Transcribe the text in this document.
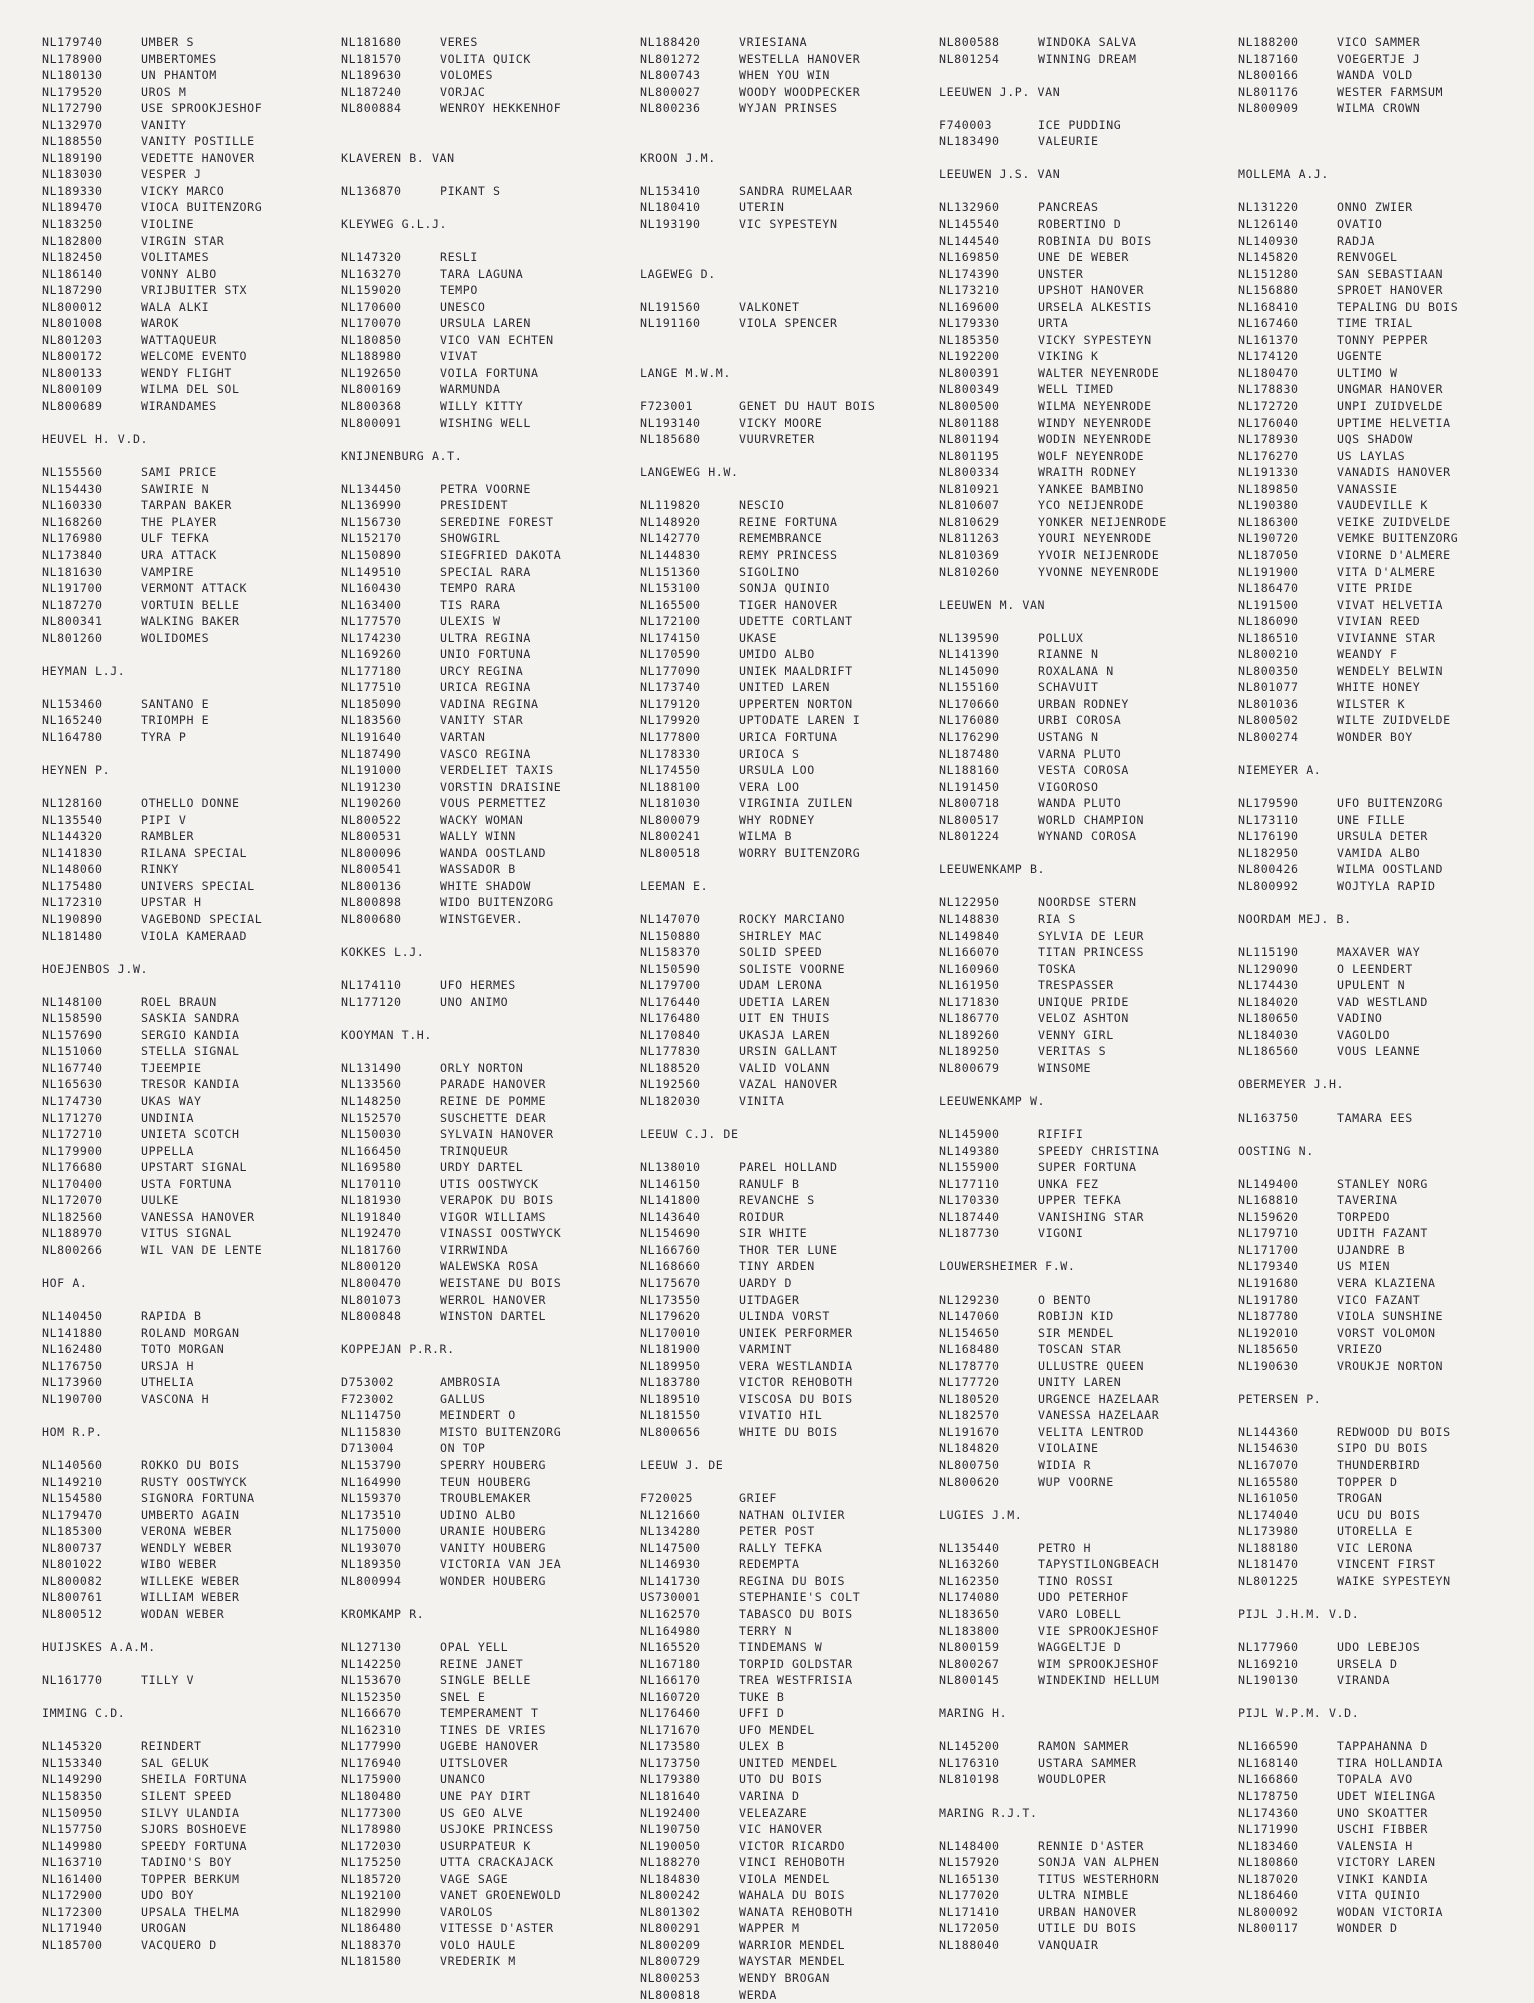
NL179740	UMBER S
NL178900	UMBERTOMES
NL180130	UN PHANTOM
NL179520	UROS M
NL172790	USE SPROOKJESHOF
NL132970	VANITY
NL188550	VANITY POSTILLE
NL189190	VEDETTE HANOVER
NL183030	VESPER J
NL189330	VICKY MARCO
NL189470	VIOCA BUITENZORG
NL183250	VIOLINE
NL182800	VIRGIN STAR
NL182450	VOLITAMES
NL186140	VONNY ALBO
NL187290	VRIJBUITER STX
NL800012	WALA ALKI
NL801008	WAROK
NL801203	WATTAQUEUR
NL800172	WELCOME EVENTO
NL800133	WENDY FLIGHT
NL800109	WILMA DEL SOL
NL800689	WIRANDAMES
HEUVEL H. V.D.
NL155560	SAMI PRICE
NL154430	SAWIRIE N
NL160330	TARPAN BAKER
NL168260	THE PLAYER
NL176980	ULF TEFKA
NL173840	URA ATTACK
NL181630	VAMPIRE
NL191700	VERMONT ATTACK
NL187270	VORTUIN BELLE
NL800341	WALKING BAKER
NL801260	WOLIDOMES
HEYMAN L.J.
NL153460	SANTANO E
NL165240	TRIOMPH E
NL164780	TYRA P
HEYNEN P.
NL128160	OTHELLO DONNE
NL135540	PIPI V
NL144320	RAMBLER
NL141830	RILANA SPECIAL
NL148060	RINKY
NL175480	UNIVERS SPECIAL
NL172310	UPSTAR H
NL190890	VAGEBOND SPECIAL
NL181480	VIOLA KAMERAAD
HOEJENBOS J.W.
NL148100	ROEL BRAUN
NL158590	SASKIA SANDRA
NL157690	SERGIO KANDIA
NL151060	STELLA SIGNAL
NL167740	TJEEMPIE
NL165630	TRESOR KANDIA
NL174730	UKAS WAY
NL171270	UNDINIA
NL172710	UNIETA SCOTCH
NL179900	UPPELLA
NL176680	UPSTART SIGNAL
NL170400	USTA FORTUNA
NL172070	UULKE
NL182560	VANESSA HANOVER
NL188970	VITUS SIGNAL
NL800266	WIL VAN DE LENTE
HOF A.
NL140450	RAPIDA B
NL141880	ROLAND MORGAN
NL162480	TOTO MORGAN
NL176750	URSJA H
NL173960	UTHELIA
NL190700	VASCONA H
HOM R.P.
NL140560	ROKKO DU BOIS
NL149210	RUSTY OOSTWYCK
NL154580	SIGNORA FORTUNA
NL179470	UMBERTO AGAIN
NL185300	VERONA WEBER
NL800737	WENDLY WEBER
NL801022	WIBO WEBER
NL800082	WILLEKE WEBER
NL800761	WILLIAM WEBER
NL800512	WODAN WEBER
HUIJSKES A.A.M.
NL161770	TILLY V
IMMING C.D.
NL145320	REINDERT
NL153340	SAL GELUK
NL149290	SHEILA FORTUNA
NL158350	SILENT SPEED
NL150950	SILVY ULANDIA
NL157750	SJORS BOSHOEVE
NL149980	SPEEDY FORTUNA
NL163710	TADINO'S BOY
NL161400	TOPPER BERKUM
NL172900	UDO BOY
NL172300	UPSALA THELMA
NL171940	UROGAN
NL185700	VACQUERO D
NL181680	VERES
NL181570	VOLITA QUICK
NL189630	VOLOMES
NL187240	VORJAC
NL800884	WENROY HEKKENHOF
KLAVEREN B. VAN
NL136870	PIKANT S
KLEYWEG G.L.J.
NL147320	RESLI
NL163270	TARA LAGUNA
NL159020	TEMPO
NL170600	UNESCO
NL170070	URSULA LAREN
NL180850	VICO VAN ECHTEN
NL188980	VIVAT
NL192650	VOILA FORTUNA
NL800169	WARMUNDA
NL800368	WILLY KITTY
NL800091	WISHING WELL
KNIJNENBURG A.T.
NL134450	PETRA VOORNE
NL136990	PRESIDENT
NL156730	SEREDINE FOREST
NL152170	SHOWGIRL
NL150890	SIEGFRIED DAKOTA
NL149510	SPECIAL RARA
NL160430	TEMPO RARA
NL163400	TIS RARA
NL177570	ULEXIS W
NL174230	ULTRA REGINA
NL169260	UNIO FORTUNA
NL177180	URCY REGINA
NL177510	URICA REGINA
NL185090	VADINA REGINA
NL183560	VANITY STAR
NL191640	VARTAN
NL187490	VASCO REGINA
NL191000	VERDELIET TAXIS
NL191230	VORSTIN DRAISINE
NL190260	VOUS PERMETTEZ
NL800522	WACKY WOMAN
NL800531	WALLY WINN
NL800096	WANDA OOSTLAND
NL800541	WASSADOR B
NL800136	WHITE SHADOW
NL800898	WIDO BUITENZORG
NL800680	WINSTGEVER.
KOKKES L.J.
NL174110	UFO HERMES
NL177120	UNO ANIMO
KOOYMAN T.H.
NL131490	ORLY NORTON
NL133560	PARADE HANOVER
NL148250	REINE DE POMME
NL152570	SUSCHETTE DEAR
NL150030	SYLVAIN HANOVER
NL166450	TRINQUEUR
NL169580	URDY DARTEL
NL170110	UTIS OOSTWYCK
NL181930	VERAPOK DU BOIS
NL191840	VIGOR WILLIAMS
NL192470	VINASSI OOSTWYCK
NL181760	VIRRWINDA
NL800120	WALEWSKA ROSA
NL800470	WEISTANE DU BOIS
NL801073	WERROL HANOVER
NL800848	WINSTON DARTEL
KOPPEJAN P.R.R.
D753002	AMBROSIA
F723002	GALLUS
NL114750	MEINDERT O
NL115830	MISTO BUITENZORG
D713004	ON TOP
NL153790	SPERRY HOUBERG
NL164990	TEUN HOUBERG
NL159370	TROUBLEMAKER
NL173510	UDINO ALBO
NL175000	URANIE HOUBERG
NL193070	VANITY HOUBERG
NL189350	VICTORIA VAN JEA
NL800994	WONDER HOUBERG
KROMKAMP R.
NL127130	OPAL YELL
NL142250	REINE JANET
NL153670	SINGLE BELLE
NL152350	SNEL E
NL166670	TEMPERAMENT T
NL162310	TINES DE VRIES
NL177990	UGEBE HANOVER
NL176940	UITSLOVER
NL175900	UNANCO
NL180480	UNE PAY DIRT
NL177300	US GEO ALVE
NL178980	USJOKE PRINCESS
NL172030	USURPATEUR K
NL175250	UTTA CRACKAJACK
NL185720	VAGE SAGE
NL192100	VANET GROENEWOLD
NL182990	VAROLOS
NL186480	VITESSE D'ASTER
NL188370	VOLO HAULE
NL181580	VREDERIK M
NL188420	VRIESIANA
NL801272	WESTELLA HANOVER
NL800743	WHEN YOU WIN
NL800027	WOODY WOODPECKER
NL800236	WYJAN PRINSES
KROON J.M.
NL153410	SANDRA RUMELAAR
NL180410	UTERIN
NL193190	VIC SYPESTEYN
LAGEWEG D.
NL191560	VALKONET
NL191160	VIOLA SPENCER
LANGE M.W.M.
F723001	GENET DU HAUT BOIS
NL193140	VICKY MOORE
NL185680	VUURVRETER
LANGEWEG H.W.
NL119820	NESCIO
NL148920	REINE FORTUNA
NL142770	REMEMBRANCE
NL144830	REMY PRINCESS
NL151360	SIGOLINO
NL153100	SONJA QUINIO
NL165500	TIGER HANOVER
NL172100	UDETTE CORTLANT
NL174150	UKASE
NL170590	UMIDO ALBO
NL177090	UNIEK MAALDRIFT
NL173740	UNITED LAREN
NL179120	UPPERTEN NORTON
NL179920	UPTODATE LAREN I
NL177800	URICA FORTUNA
NL178330	URIOCA S
NL174550	URSULA LOO
NL188100	VERA LOO
NL181030	VIRGINIA ZUILEN
NL800079	WHY RODNEY
NL800241	WILMA B
NL800518	WORRY BUITENZORG
LEEMAN E.
NL147070	ROCKY MARCIANO
NL150880	SHIRLEY MAC
NL158370	SOLID SPEED
NL150590	SOLISTE VOORNE
NL179700	UDAM LERONA
NL176440	UDETIA LAREN
NL176480	UIT EN THUIS
NL170840	UKASJA LAREN
NL177830	URSIN GALLANT
NL188520	VALID VOLANN
NL192560	VAZAL HANOVER
NL182030	VINITA
LEEUW C.J. DE
NL138010	PAREL HOLLAND
NL146150	RANULF B
NL141800	REVANCHE S
NL143640	ROIDUR
NL154690	SIR WHITE
NL166760	THOR TER LUNE
NL168660	TINY ARDEN
NL175670	UARDY D
NL173550	UITDAGER
NL179620	ULINDA VORST
NL170010	UNIEK PERFORMER
NL181900	VARMINT
NL189950	VERA WESTLANDIA
NL183780	VICTOR REHOBOTH
NL189510	VISCOSA DU BOIS
NL181550	VIVATIO HIL
NL800656	WHITE DU BOIS
LEEUW J. DE
F720025	GRIEF
NL121660	NATHAN OLIVIER
NL134280	PETER POST
NL147500	RALLY TEFKA
NL146930	REDEMPTA
NL141730	REGINA DU BOIS
US730001	STEPHANIE'S COLT
NL162570	TABASCO DU BOIS
NL164980	TERRY N
NL165520	TINDEMANS W
NL167180	TORPID GOLDSTAR
NL166170	TREA WESTFRISIA
NL160720	TUKE B
NL176460	UFFI D
NL171670	UFO MENDEL
NL173580	ULEX B
NL173750	UNITED MENDEL
NL179380	UTO DU BOIS
NL181640	VARINA D
NL192400	VELEAZARE
NL190750	VIC HANOVER
NL190050	VICTOR RICARDO
NL188270	VINCI REHOBOTH
NL184830	VIOLA MENDEL
NL800242	WAHALA DU BOIS
NL801302	WANATA REHOBOTH
NL800291	WAPPER M
NL800209	WARRIOR MENDEL
NL800729	WAYSTAR MENDEL
NL800253	WENDY BROGAN
NL800818	WERDA
NL800588	WINDOKA SALVA
NL801254	WINNING DREAM
LEEUWEN J.P. VAN
F740003	ICE PUDDING
NL183490	VALEURIE
LEEUWEN J.S. VAN
NL132960	PANCREAS
NL145540	ROBERTINO D
NL144540	ROBINIA DU BOIS
NL169850	UNE DE WEBER
NL174390	UNSTER
NL173210	UPSHOT HANOVER
NL169600	URSELA ALKESTIS
NL179330	URTA
NL185350	VICKY SYPESTEYN
NL192200	VIKING K
NL800391	WALTER NEYENRODE
NL800349	WELL TIMED
NL800500	WILMA NEYENRODE
NL801188	WINDY NEYENRODE
NL801194	WODIN NEYENRODE
NL801195	WOLF NEYENRODE
NL800334	WRAITH RODNEY
NL810921	YANKEE BAMBINO
NL810607	YCO NEIJENRODE
NL810629	YONKER NEIJENRODE
NL811263	YOURI NEYENRODE
NL810369	YVOIR NEIJENRODE
NL810260	YVONNE NEYENRODE
LEEUWEN M. VAN
NL139590	POLLUX
NL141390	RIANNE N
NL145090	ROXALANA N
NL155160	SCHAVUIT
NL170660	URBAN RODNEY
NL176080	URBI COROSA
NL176290	USTANG N
NL187480	VARNA PLUTO
NL188160	VESTA COROSA
NL191450	VIGOROSO
NL800718	WANDA PLUTO
NL800517	WORLD CHAMPION
NL801224	WYNAND COROSA
LEEUWENKAMP B.
NL122950	NOORDSE STERN
NL148830	RIA S
NL149840	SYLVIA DE LEUR
NL166070	TITAN PRINCESS
NL160960	TOSKA
NL161950	TRESPASSER
NL171830	UNIQUE PRIDE
NL186770	VELOZ ASHTON
NL189260	VENNY GIRL
NL189250	VERITAS S
NL800679	WINSOME
LEEUWENKAMP W.
NL145900	RIFIFI
NL149380	SPEEDY CHRISTINA
NL155900	SUPER FORTUNA
NL177110	UNKA FEZ
NL170330	UPPER TEFKA
NL187440	VANISHING STAR
NL187730	VIGONI
LOUWERSHEIMER F.W.
NL129230	O BENTO
NL147060	ROBIJN KID
NL154650	SIR MENDEL
NL168480	TOSCAN STAR
NL178770	ULLUSTRE QUEEN
NL177720	UNITY LAREN
NL180520	URGENCE HAZELAAR
NL182570	VANESSA HAZELAAR
NL191670	VELITA LENTROD
NL184820	VIOLAINE
NL800750	WIDIA R
NL800620	WUP VOORNE
LUGIES J.M.
NL135440	PETRO H
NL163260	TAPYSTILONGBEACH
NL162350	TINO ROSSI
NL174080	UDO PETERHOF
NL183650	VARO LOBELL
NL183800	VIE SPROOKJESHOF
NL800159	WAGGELTJE D
NL800267	WIM SPROOKJESHOF
NL800145	WINDEKIND HELLUM
MARING H.
NL145200	RAMON SAMMER
NL176310	USTARA SAMMER
NL810198	WOUDLOPER
MARING R.J.T.
NL148400	RENNIE D'ASTER
NL157920	SONJA VAN ALPHEN
NL165130	TITUS WESTERHORN
NL177020	ULTRA NIMBLE
NL171410	URBAN HANOVER
NL172050	UTILE DU BOIS
NL188040	VANQUAIR
NL188200	VICO SAMMER
NL187160	VOEGERTJE J
NL800166	WANDA VOLD
NL801176	WESTER FARMSUM
NL800909	WILMA CROWN
MOLLEMA A.J.
NL131220	ONNO ZWIER
NL126140	OVATIO
NL140930	RADJA
NL145820	RENVOGEL
NL151280	SAN SEBASTIAAN
NL156880	SPROET HANOVER
NL168410	TEPALING DU BOIS
NL167460	TIME TRIAL
NL161370	TONNY PEPPER
NL174120	UGENTE
NL180470	ULTIMO W
NL178830	UNGMAR HANOVER
NL172720	UNPI ZUIDVELDE
NL176040	UPTIME HELVETIA
NL178930	UQS SHADOW
NL176270	US LAYLAS
NL191330	VANADIS HANOVER
NL189850	VANASSIE
NL190380	VAUDEVILLE K
NL186300	VEIKE ZUIDVELDE
NL190720	VEMKE BUITENZORG
NL187050	VIORNE D'ALMERE
NL191900	VITA D'ALMERE
NL186470	VITE PRIDE
NL191500	VIVAT HELVETIA
NL186090	VIVIAN REED
NL186510	VIVIANNE STAR
NL800210	WEANDY F
NL800350	WENDELY BELWIN
NL801077	WHITE HONEY
NL801036	WILSTER K
NL800502	WILTE ZUIDVELDE
NL800274	WONDER BOY
NIEMEYER A.
NL179590	UFO BUITENZORG
NL173110	UNE FILLE
NL176190	URSULA DETER
NL182950	VAMIDA ALBO
NL800426	WILMA OOSTLAND
NL800992	WOJTYLA RAPID
NOORDAM MEJ. B.
NL115190	MAXAVER WAY
NL129090	O LEENDERT
NL174430	UPULENT N
NL184020	VAD WESTLAND
NL180650	VADINO
NL184030	VAGOLDO
NL186560	VOUS LEANNE
OBERMEYER J.H.
NL163750	TAMARA EES
OOSTING N.
NL149400	STANLEY NORG
NL168810	TAVERINA
NL159620	TORPEDO
NL179710	UDITH FAZANT
NL171700	UJANDRE B
NL179340	US MIEN
NL191680	VERA KLAZIENA
NL191780	VICO FAZANT
NL187780	VIOLA SUNSHINE
NL192010	VORST VOLOMON
NL185650	VRIEZO
NL190630	VROUKJE NORTON
PETERSEN P.
NL144360	REDWOOD DU BOIS
NL154630	SIPO DU BOIS
NL167070	THUNDERBIRD
NL165580	TOPPER D
NL161050	TROGAN
NL174040	UCU DU BOIS
NL173980	UTORELLA E
NL188180	VIC LERONA
NL181470	VINCENT FIRST
NL801225	WAIKE SYPESTEYN
PIJL J.H.M. V.D.
NL177960	UDO LEBEJOS
NL169210	URSELA D
NL190130	VIRANDA
PIJL W.P.M. V.D.
NL166590	TAPPAHANNA D
NL168140	TIRA HOLLANDIA
NL166860	TOPALA AVO
NL178750	UDET WIELINGA
NL174360	UNO SKOATTER
NL171990	USCHI FIBBER
NL183460	VALENSIA H
NL180860	VICTORY LAREN
NL187020	VINKI KANDIA
NL186460	VITA QUINIO
NL800092	WODAN VICTORIA
NL800117	WONDER D
